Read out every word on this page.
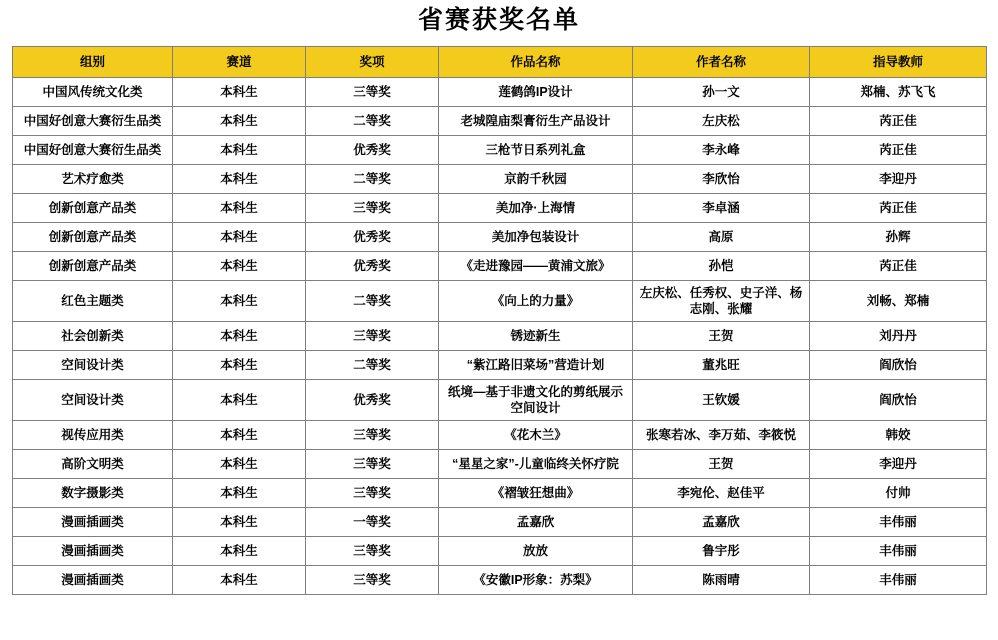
省赛获奖名单
组别	赛道	奖项	作品名称	作者名称	指导教师
中国风传统文化类	本科生	三等奖	莲鹤鸽IP设计	孙一文	郑楠、苏飞飞
中国好创意大赛衍生品类	本科生	二等奖	老城隍庙梨膏衍生产品设计	左庆松	芮正佳
中国好创意大赛衍生品类	本科生	优秀奖	三枪节日系列礼盒	李永峰	芮正佳
艺术疗愈类	本科生	二等奖	京韵千秋园	李欣怡	李迎丹
创新创意产品类	本科生	三等奖	美加净·上海情	李卓涵	芮正佳
创新创意产品类	本科生	优秀奖	美加净包装设计	高原	孙辉
创新创意产品类	本科生	优秀奖	《走进豫园——黄浦文旅》	孙恺	芮正佳
红色主题类	本科生	二等奖	《向上的力量》	左庆松、任秀权、史子洋、杨志刚、张耀	刘畅、郑楠
社会创新类	本科生	三等奖	锈迹新生	王贺	刘丹丹
空间设计类	本科生	二等奖	“紫江路旧菜场”营造计划	董兆旺	阎欣怡
空间设计类	本科生	优秀奖	纸境—基于非遗文化的剪纸展示空间设计	王钦媛	阎欣怡
视传应用类	本科生	三等奖	《花木兰》	张寒若冰、李万茹、李筱悦	韩姣
高阶文明类	本科生	三等奖	“星星之家”-儿童临终关怀疗院	王贺	李迎丹
数字摄影类	本科生	三等奖	《褶皱狂想曲》	李宛伦、赵佳平	付帅
漫画插画类	本科生	一等奖	孟嘉欣	孟嘉欣	丰伟丽
漫画插画类	本科生	三等奖	放放	鲁宇彤	丰伟丽
漫画插画类	本科生	三等奖	《安徽IP形象：苏梨》	陈雨晴	丰伟丽
